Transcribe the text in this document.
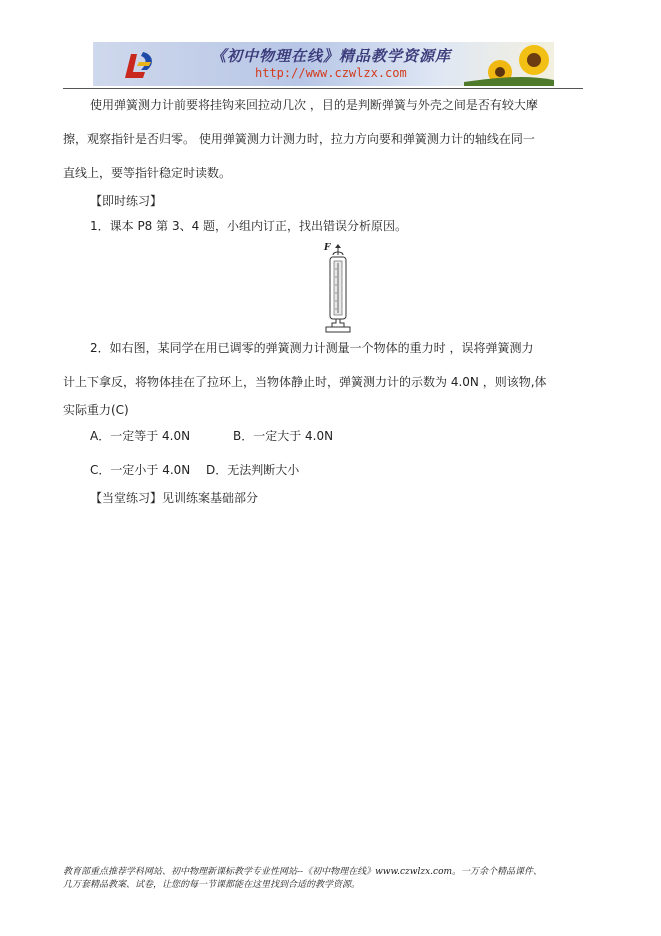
《初中物理在线》精品教学资源库
http://www.czwlzx.com
使用弹簧测力计前要将挂钩来回拉动几次 ，目的是判断弹簧与外壳之间是否有较大摩
擦，观察指针是否归零。 使用弹簧测力计测力时，拉力方向要和弹簧测力计的轴线在同一
直线上，要等指针稳定时读数。
【即时练习】
1．课本 P8 第 3、4 题，小组内订正，找出错误分析原因。
F
2．如右图，某同学在用已调零的弹簧测力计测量一个物体的重力时 ，误将弹簧测力
计上下拿反，将物体挂在了拉环上，当物体静止时，弹簧测力计的示数为 4.0N ，则该物,体
实际重力(C)
A．一定等于 4.0N	B．一定大于 4.0N
C．一定小于 4.0N D．无法判断大小
【当堂练习】见训练案基础部分
教育部重点推荐学科网站、初中物理新课标教学专业性网站--《初中物理在线》www.czwlzx.com。一万余个精品课件、
几万套精品教案、试卷，让您的每一节课都能在这里找到合适的教学资源。
